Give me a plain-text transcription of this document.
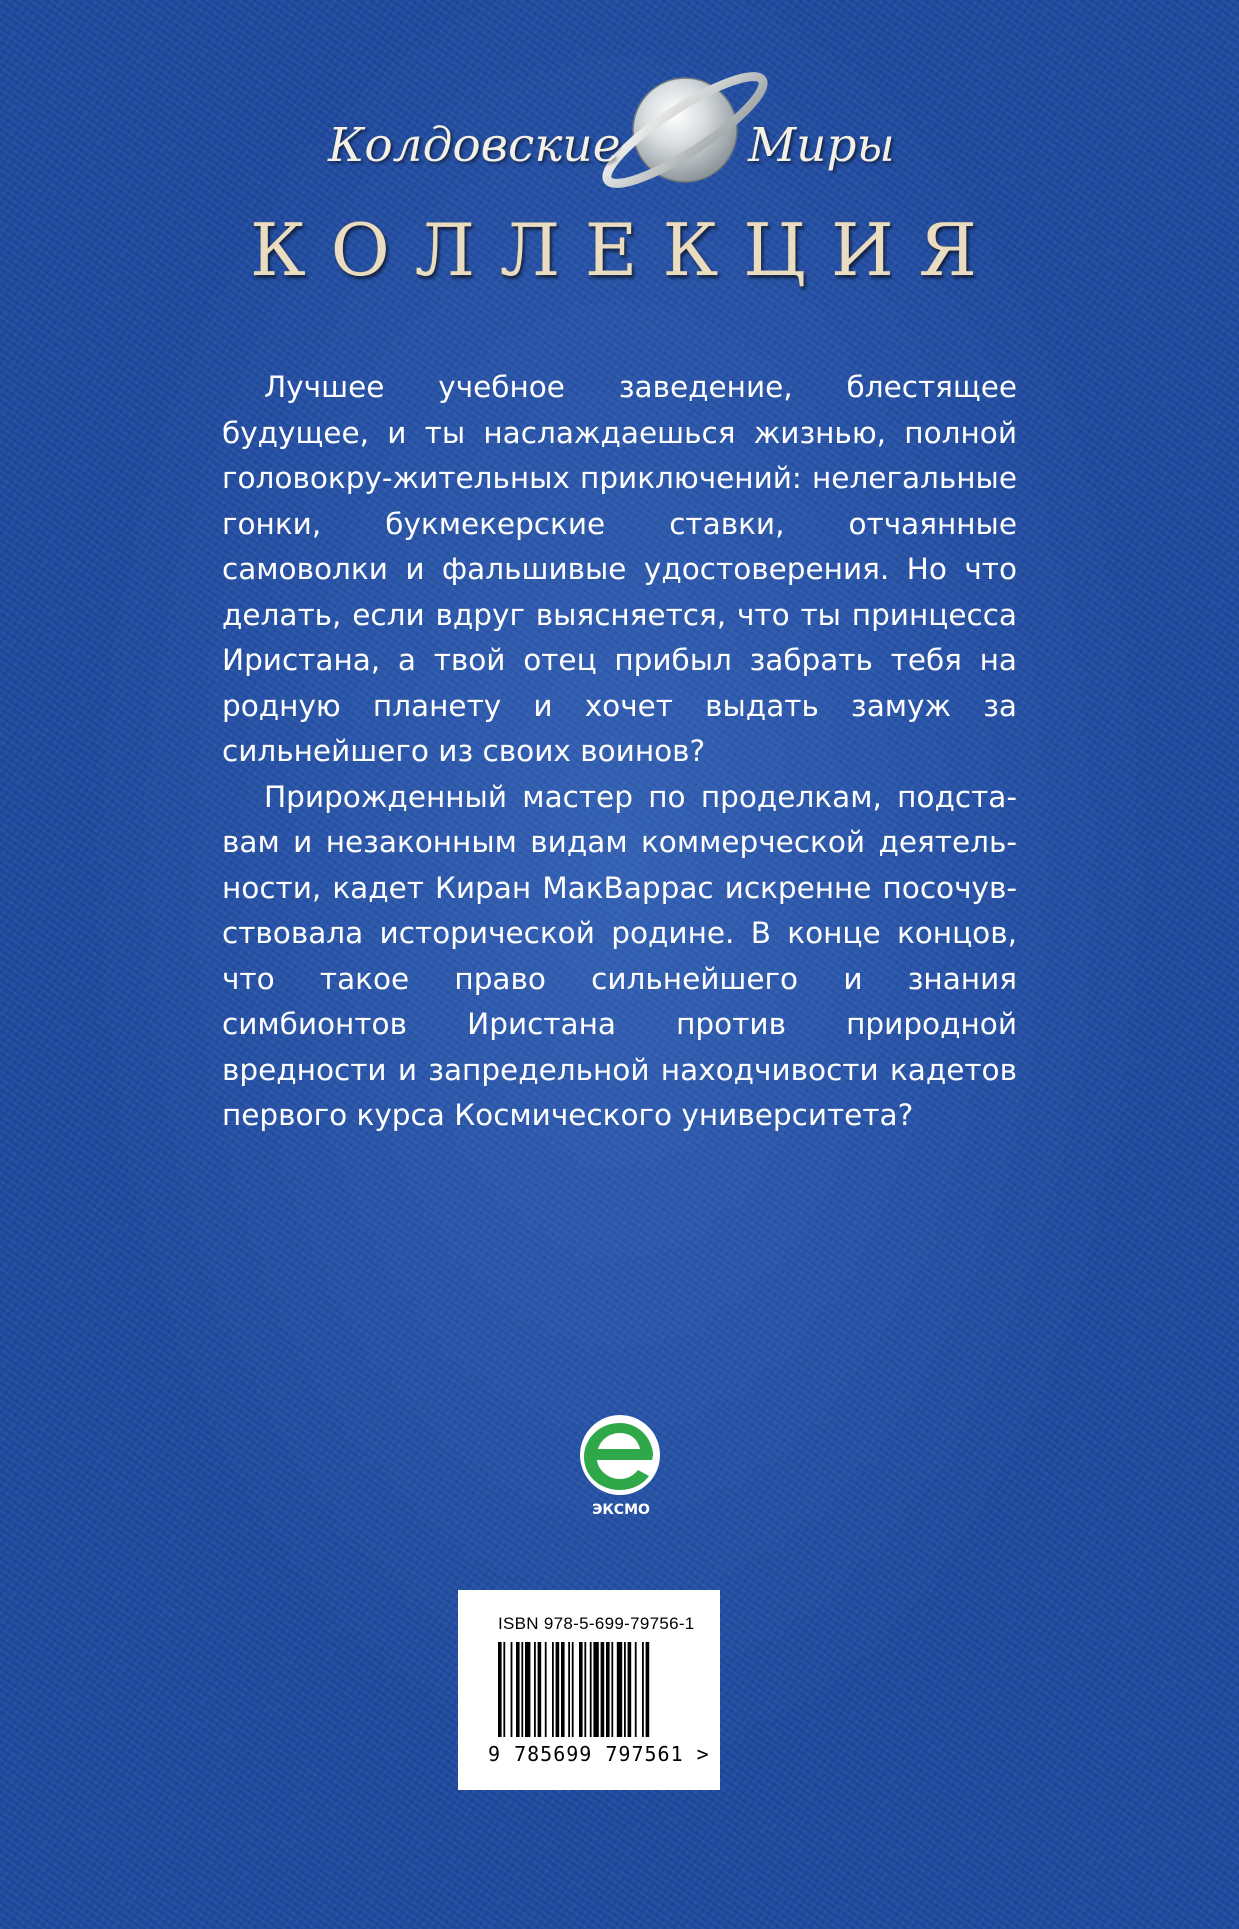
Колдовские	Миры
КОЛЛЕКЦИЯ

Лучшее учебное заведение, блестящее будущее, и ты наслаждаешься жизнью, полной головокру-жительных приключений: нелегальные гонки, букмекерские ставки, отчаянные самоволки и фальшивые удостоверения. Но что делать, если вдруг выясняется, что ты принцесса Иристана, а твой отец прибыл забрать тебя на родную планету и хочет выдать замуж за сильнейшего из своих воинов?

Прирожденный мастер по проделкам, подста-вам и незаконным видам коммерческой деятель-ности, кадет Киран МакВаррас искренне посочув-ствовала исторической родине. В конце концов, что такое право сильнейшего и знания симбионтов Иристана против природной вредности и запредельной находчивости кадетов первого курса Космического университета?

ЭКСМО
ISBN 978-5-699-79756-1
9 785699 797561 >
